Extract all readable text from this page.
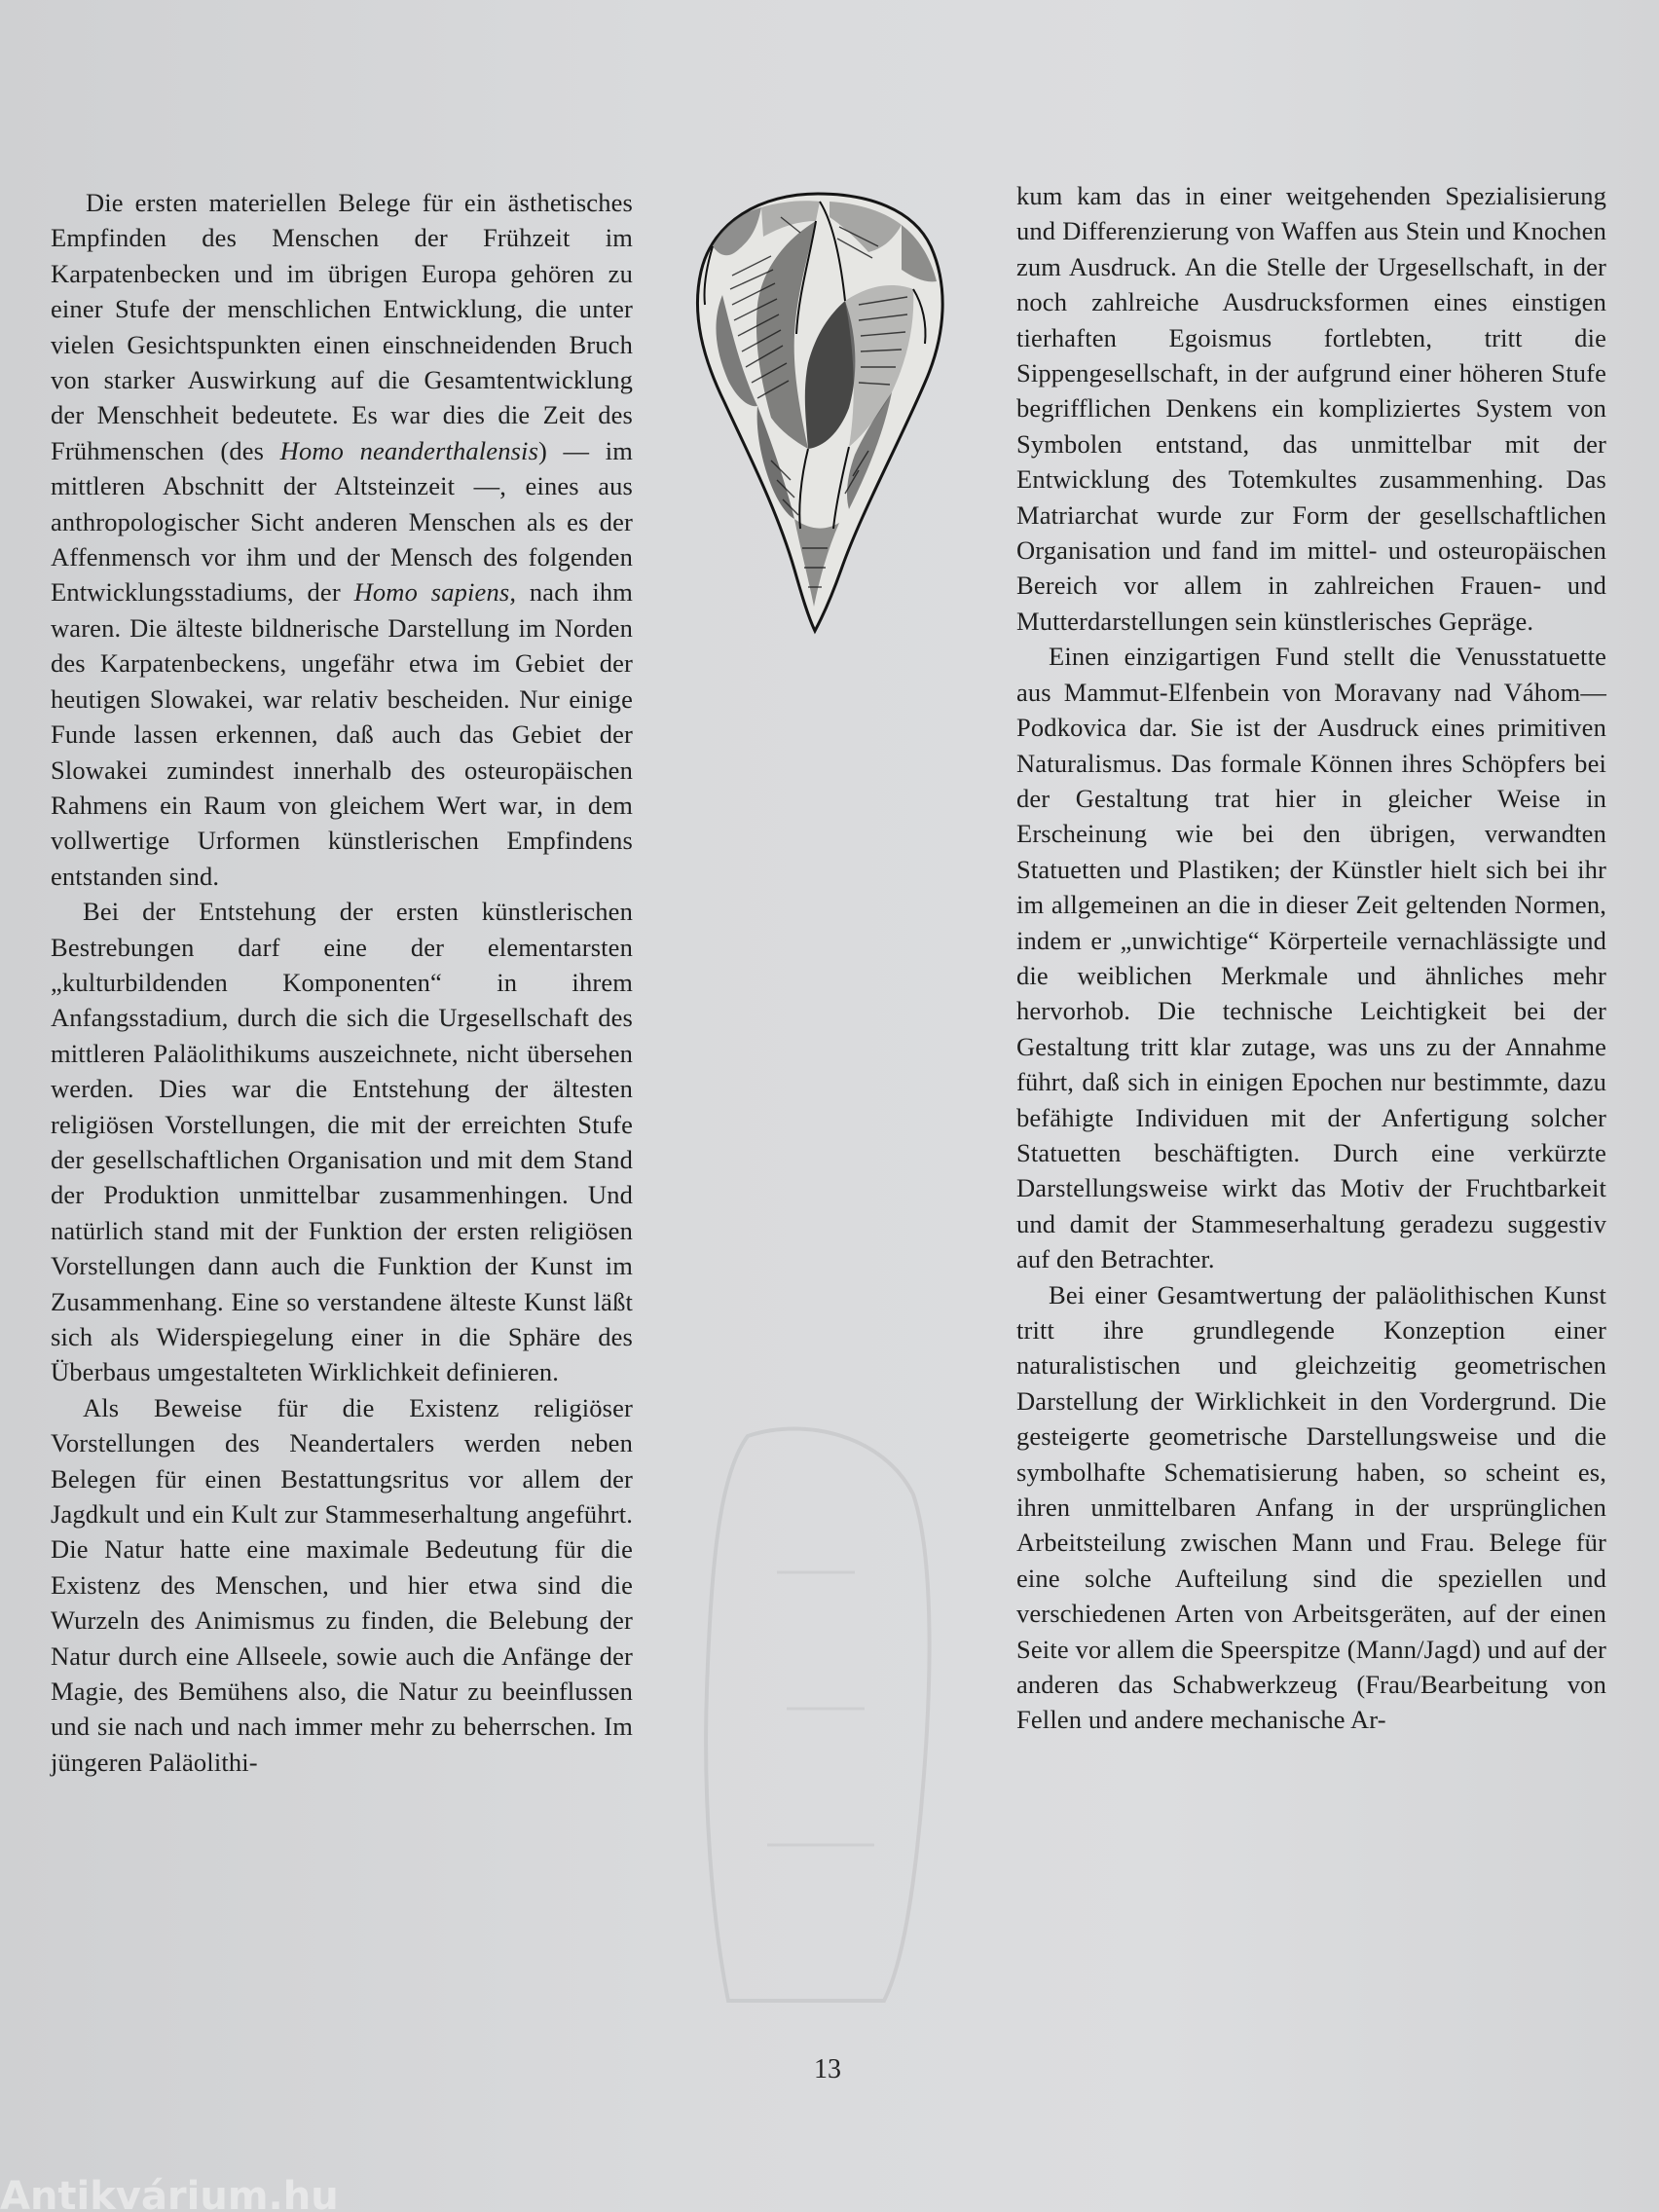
Die ersten materiellen Belege für ein ästhetisches Empfinden des Menschen der Frühzeit im Karpatenbecken und im übrigen Europa gehören zu einer Stufe der menschlichen Entwicklung, die unter vielen Gesichtspunkten einen einschneidenden Bruch von starker Auswirkung auf die Gesamtentwicklung der Menschheit bedeutete. Es war dies die Zeit des Frühmenschen (des Homo neanderthalensis) — im mittleren Abschnitt der Altsteinzeit —, eines aus anthropologischer Sicht anderen Menschen als es der Affenmensch vor ihm und der Mensch des folgenden Entwicklungsstadiums, der Homo sapiens, nach ihm waren. Die älteste bildnerische Darstellung im Norden des Karpatenbeckens, ungefähr etwa im Gebiet der heutigen Slowakei, war relativ bescheiden. Nur einige Funde lassen erkennen, daß auch das Gebiet der Slowakei zumindest innerhalb des osteuropäischen Rahmens ein Raum von gleichem Wert war, in dem vollwertige Urformen künstlerischen Empfindens entstanden sind.

Bei der Entstehung der ersten künstlerischen Bestrebungen darf eine der elementarsten „kulturbildenden Komponenten“ in ihrem Anfangsstadium, durch die sich die Urgesellschaft des mittleren Paläolithikums auszeichnete, nicht übersehen werden. Dies war die Entstehung der ältesten religiösen Vorstellungen, die mit der erreichten Stufe der gesellschaftlichen Organisation und mit dem Stand der Produktion unmittelbar zusammenhingen. Und natürlich stand mit der Funktion der ersten religiösen Vorstellungen dann auch die Funktion der Kunst im Zusammenhang. Eine so verstandene älteste Kunst läßt sich als Widerspiegelung einer in die Sphäre des Überbaus umgestalteten Wirklichkeit definieren.

Als Beweise für die Existenz religiöser Vorstellungen des Neandertalers werden neben Belegen für einen Bestattungsritus vor allem der Jagdkult und ein Kult zur Stammeserhaltung angeführt. Die Natur hatte eine maximale Bedeutung für die Existenz des Menschen, und hier etwa sind die Wurzeln des Animismus zu finden, die Belebung der Natur durch eine Allseele, sowie auch die Anfänge der Magie, des Bemühens also, die Natur zu beeinflussen und sie nach und nach immer mehr zu beherrschen. Im jüngeren Paläolithi-

kum kam das in einer weitgehenden Spezialisierung und Differenzierung von Waffen aus Stein und Knochen zum Ausdruck. An die Stelle der Urgesellschaft, in der noch zahlreiche Ausdrucksformen eines einstigen tierhaften Egoismus fortlebten, tritt die Sippengesellschaft, in der aufgrund einer höheren Stufe begrifflichen Denkens ein kompliziertes System von Symbolen entstand, das unmittelbar mit der Entwicklung des Totemkultes zusammenhing. Das Matriarchat wurde zur Form der gesellschaftlichen Organisation und fand im mittel- und osteuropäischen Bereich vor allem in zahlreichen Frauen- und Mutterdarstellungen sein künstlerisches Gepräge.

Einen einzigartigen Fund stellt die Venusstatuette aus Mammut-Elfenbein von Moravany nad Váhom—Podkovica dar. Sie ist der Ausdruck eines primitiven Naturalismus. Das formale Können ihres Schöpfers bei der Gestaltung trat hier in gleicher Weise in Erscheinung wie bei den übrigen, verwandten Statuetten und Plastiken; der Künstler hielt sich bei ihr im allgemeinen an die in dieser Zeit geltenden Normen, indem er „unwichtige“ Körperteile vernachlässigte und die weiblichen Merkmale und ähnliches mehr hervorhob. Die technische Leichtigkeit bei der Gestaltung tritt klar zutage, was uns zu der Annahme führt, daß sich in einigen Epochen nur bestimmte, dazu befähigte Individuen mit der Anfertigung solcher Statuetten beschäftigten. Durch eine verkürzte Darstellungsweise wirkt das Motiv der Fruchtbarkeit und damit der Stammeserhaltung geradezu suggestiv auf den Betrachter.

Bei einer Gesamtwertung der paläolithischen Kunst tritt ihre grundlegende Konzeption einer naturalistischen und gleichzeitig geometrischen Darstellung der Wirklichkeit in den Vordergrund. Die gesteigerte geometrische Darstellungsweise und die symbolhafte Schematisierung haben, so scheint es, ihren unmittelbaren Anfang in der ursprünglichen Arbeitsteilung zwischen Mann und Frau. Belege für eine solche Aufteilung sind die speziellen und verschiedenen Arten von Arbeitsgeräten, auf der einen Seite vor allem die Speerspitze (Mann/Jagd) und auf der anderen das Schabwerkzeug (Frau/Bearbeitung von Fellen und andere mechanische Ar-

13
Antikvárium.hu
